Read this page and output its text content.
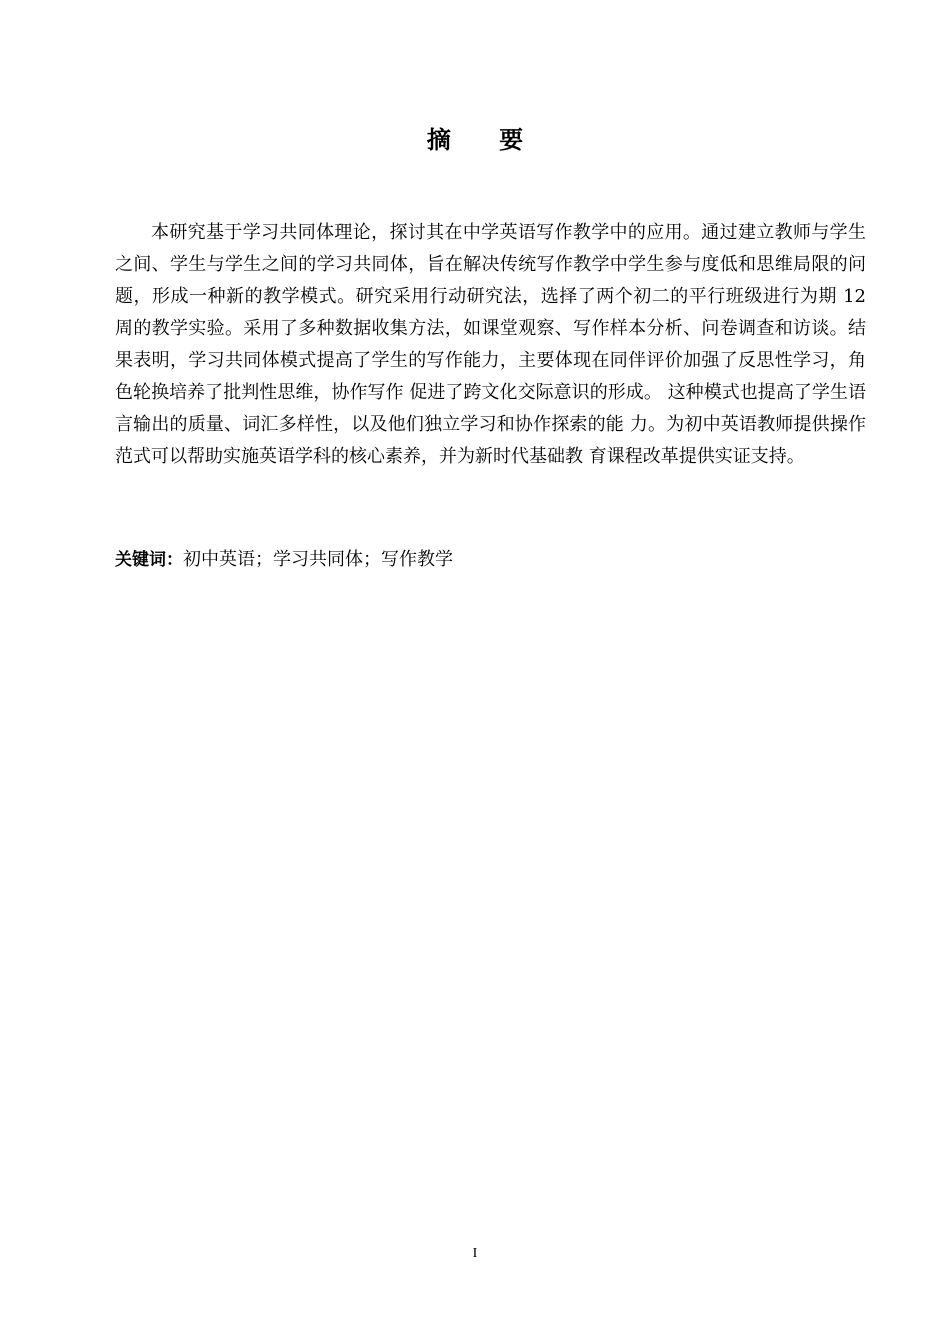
摘 要

本研究基于学习共同体理论，探讨其在中学英语写作教学中的应用。通过建立教师与学生之间、学生与学生之间的学习共同体，旨在解决传统写作教学中学生参与度低和思维局限的问题，形成一种新的教学模式。研究采用行动研究法，选择了两个初二的平行班级进行为期 12 周的教学实验。采用了多种数据收集方法，如课堂观察、写作样本分析、问卷调查和访谈。结果表明，学习共同体模式提高了学生的写作能力，主要体现在同伴评价加强了反思性学习，角色轮换培养了批判性思维，协作写作 促进了跨文化交际意识的形成。 这种模式也提高了学生语言输出的质量、词汇多样性，以及他们独立学习和协作探索的能 力。为初中英语教师提供操作范式可以帮助实施英语学科的核心素养，并为新时代基础教 育课程改革提供实证支持。

关键词：初中英语；学习共同体；写作教学
I
